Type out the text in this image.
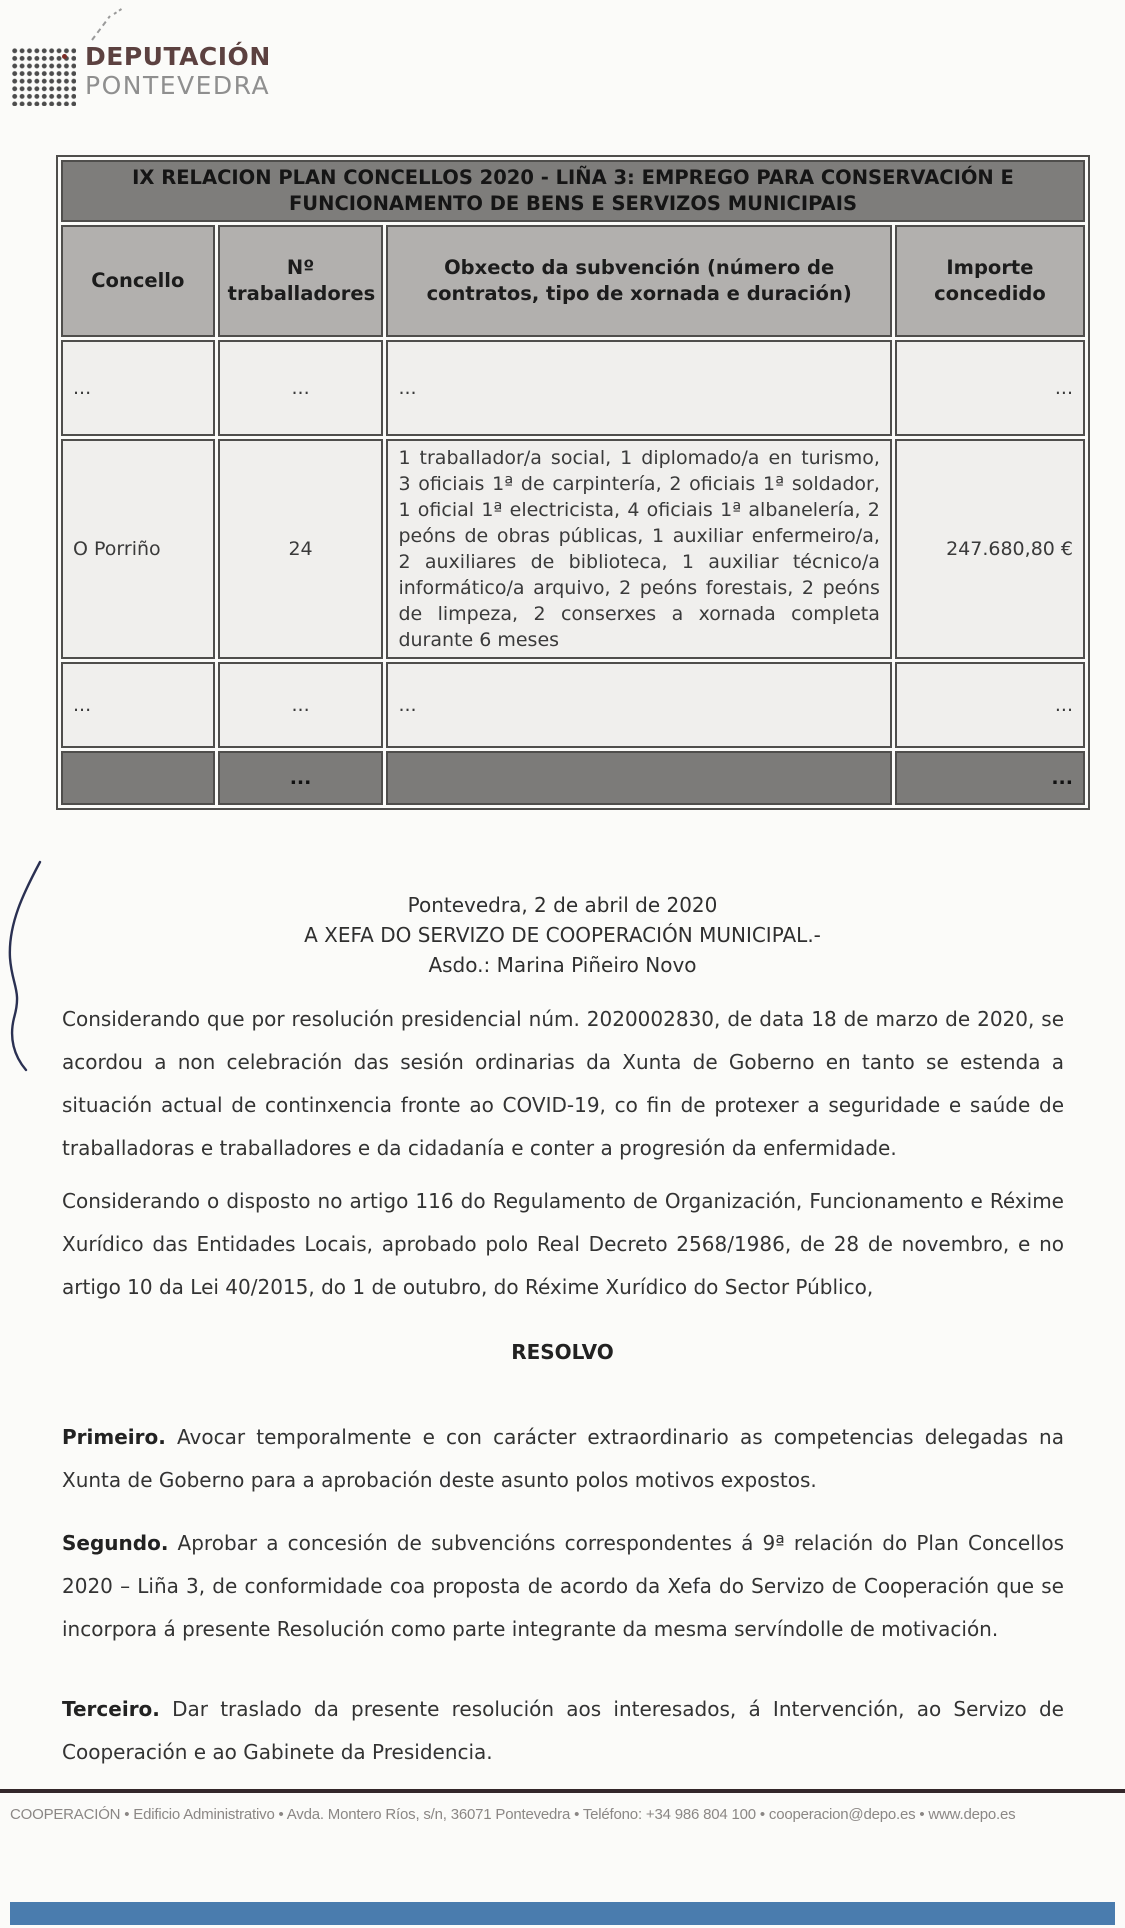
DEPUTACIÓN
PONTEVEDRA
IX RELACION PLAN CONCELLOS 2020 - LIÑA 3: EMPREGO PARA CONSERVACIÓN E FUNCIONAMENTO DE BENS E SERVIZOS MUNICIPAIS			
Concello	Nº traballadores	Obxecto da subvención (número de contratos, tipo de xornada e duración)	Importe concedido
...	...	...	...
O Porriño	24	1 traballador/a social, 1 diplomado/a en turismo, 3 oficiais 1ª de carpintería, 2 oficiais 1ª soldador, 1 oficial 1ª electricista, 4 oficiais 1ª albanelería, 2 peóns de obras públicas, 1 auxiliar enfermeiro/a, 2 auxiliares de biblioteca, 1 auxiliar técnico/a informático/a arquivo, 2 peóns forestais, 2 peóns de limpeza, 2 conserxes a xornada completa durante 6 meses	247.680,80 €
...	...	...	...
	...		...
Pontevedra, 2 de abril de 2020
A XEFA DO SERVIZO DE COOPERACIÓN MUNICIPAL.-
Asdo.: Marina Piñeiro Novo
Considerando que por resolución presidencial núm. 2020002830, de data 18 de marzo de 2020, se acordou a non celebración das sesión ordinarias da Xunta de Goberno en tanto se estenda a situación actual de continxencia fronte ao COVID-19, co fin de protexer a seguridade e saúde de traballadoras e traballadores e da cidadanía e conter a progresión da enfermidade.
Considerando o disposto no artigo 116 do Regulamento de Organización, Funcionamento e Réxime Xurídico das Entidades Locais, aprobado polo Real Decreto 2568/1986, de 28 de novembro, e no artigo 10 da Lei 40/2015, do 1 de outubro, do Réxime Xurídico do Sector Público,
RESOLVO
Primeiro. Avocar temporalmente e con carácter extraordinario as competencias delegadas na Xunta de Goberno para a aprobación deste asunto polos motivos expostos.
Segundo. Aprobar a concesión de subvencións correspondentes á 9ª relación do Plan Concellos 2020 – Liña 3, de conformidade coa proposta de acordo da Xefa do Servizo de Cooperación que se incorpora á presente Resolución como parte integrante da mesma servíndolle de motivación.
Terceiro. Dar traslado da presente resolución aos interesados, á Intervención, ao Servizo de Cooperación e ao Gabinete da Presidencia.
COOPERACIÓN • Edificio Administrativo • Avda. Montero Ríos, s/n, 36071 Pontevedra • Teléfono: +34 986 804 100 • cooperacion@depo.es • www.depo.es
